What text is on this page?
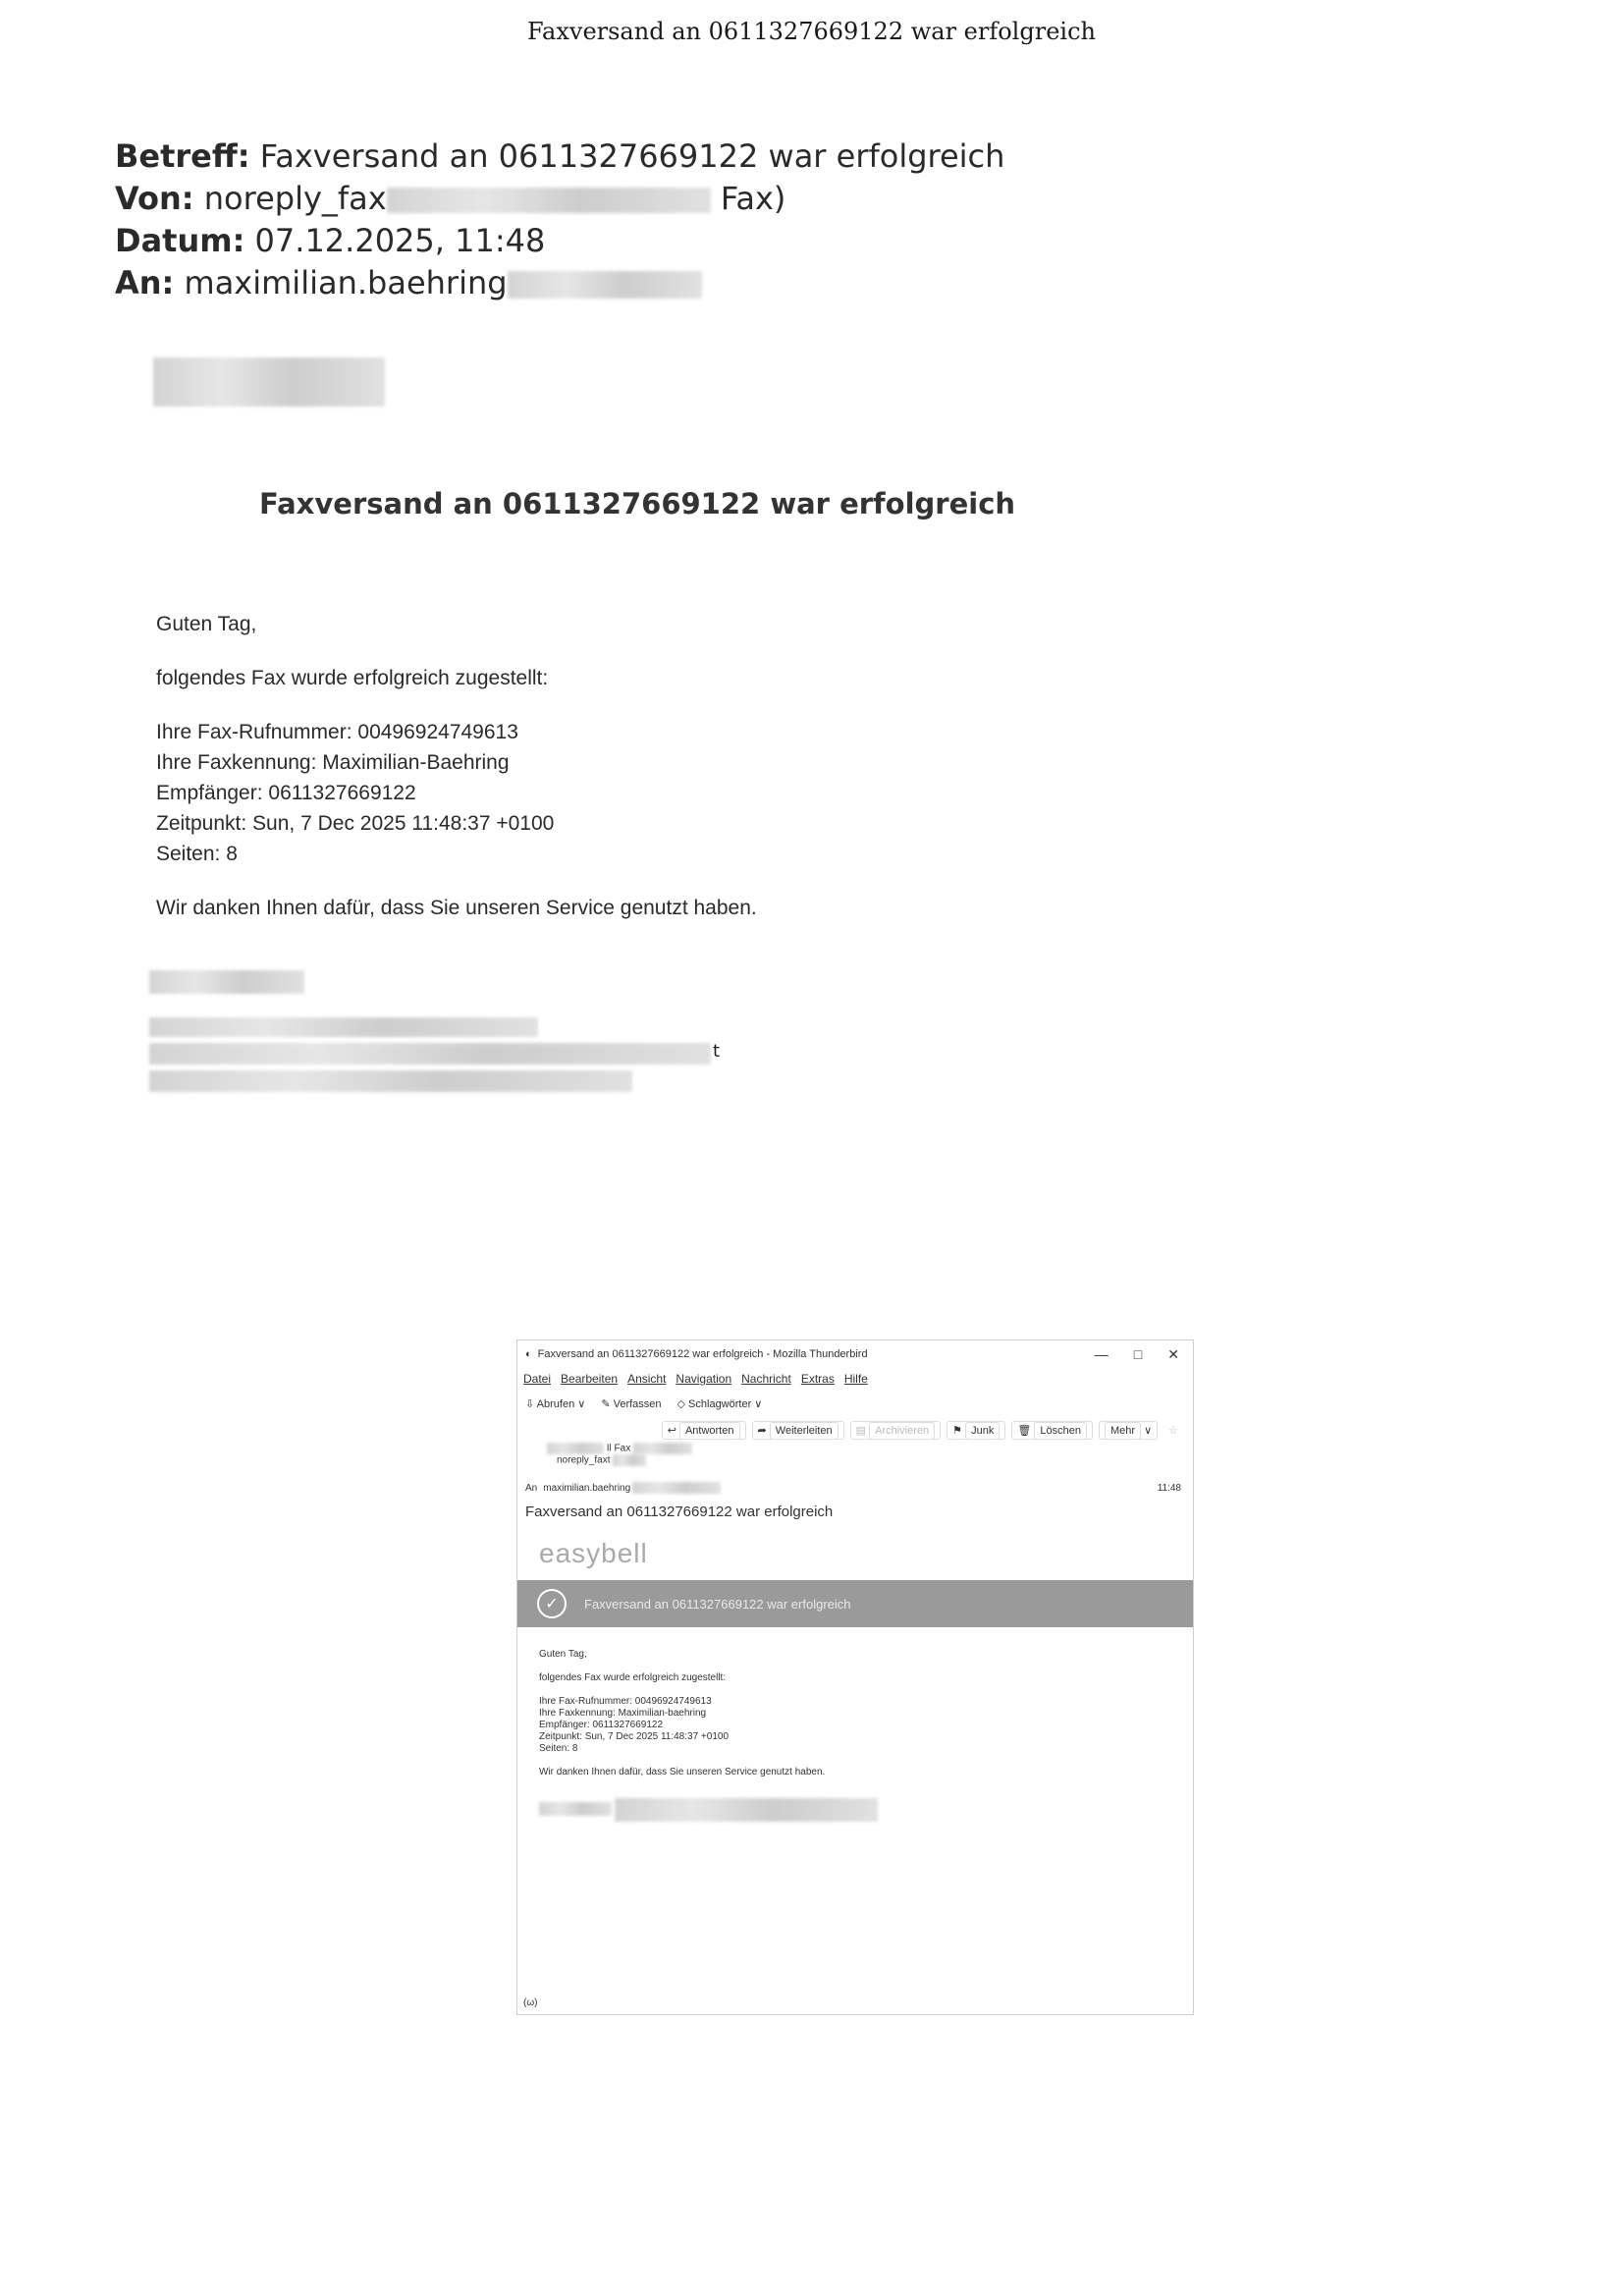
Faxversand an 0611327669122 war erfolgreich
Betreff: Faxversand an 0611327669122 war erfolgreich
Von: noreply_fax	Fax)
Datum: 07.12.2025, 11:48
An: maximilian.baehring
Faxversand an 0611327669122 war erfolgreich

Guten Tag,

folgendes Fax wurde erfolgreich zugestellt:

Ihre Fax-Rufnummer: 00496924749613

Ihre Faxkennung: Maximilian-Baehring

Empfänger: 0611327669122

Zeitpunkt: Sun, 7 Dec 2025 11:48:37 +0100

Seiten: 8

Wir danken Ihnen dafür, dass Sie unseren Service genutzt haben.

t
◐ Faxversand an 0611327669122 war erfolgreich - Mozilla Thunderbird	— □ ✕
Datei Bearbeiten Ansicht Navigation Nachricht Extras Hilfe
⇩ Abrufen ∨ ✎ Verfassen ◇ Schlagwörter ∨
↩ Antworten	➦ Weiterleiten	▤ Archivieren	⚑ Junk	🗑 Löschen	Mehr ∨	☆
Il Fax
noreply_faxt
An maximilian.baehring	11:48
Faxversand an 0611327669122 war erfolgreich
easybell
✓	Faxversand an 0611327669122 war erfolgreich

Guten Tag,

folgendes Fax wurde erfolgreich zugestellt:

Ihre Fax-Rufnummer: 00496924749613

Ihre Faxkennung: Maximilian-baehring

Empfänger: 0611327669122

Zeitpunkt: Sun, 7 Dec 2025 11:48:37 +0100

Seiten: 8

Wir danken Ihnen dafür, dass Sie unseren Service genutzt haben.

(ω)
